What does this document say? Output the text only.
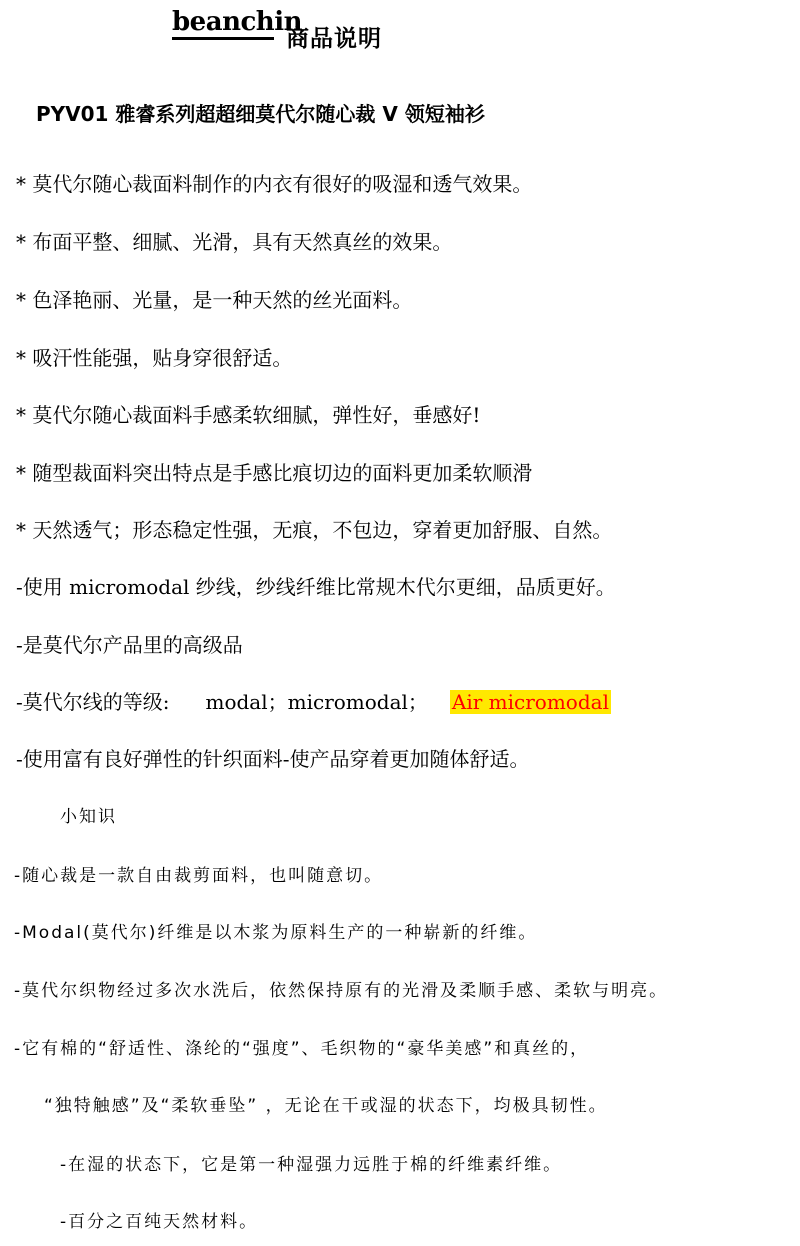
beanchin
商品说明
PYV01 雅睿系列超超细莫代尔随心裁 V 领短袖衫
* 莫代尔随心裁面料制作的内衣有很好的吸湿和透气效果。
* 布面平整、细腻、光滑，具有天然真丝的效果。
* 色泽艳丽、光量，是一种天然的丝光面料。
* 吸汗性能强，贴身穿很舒适。
* 莫代尔随心裁面料手感柔软细腻，弹性好，垂感好!
* 随型裁面料突出特点是手感比痕切边的面料更加柔软顺滑
* 天然透气；形态稳定性强，无痕，不包边，穿着更加舒服、自然。
-使用 micromodal 纱线，纱线纤维比常规木代尔更细，品质更好。
-是莫代尔产品里的高级品
-莫代尔线的等级: modal；micromodal； Air micromodal
-使用富有良好弹性的针织面料-使产品穿着更加随体舒适。
小知识
-随心裁是一款自由裁剪面料，也叫随意切。
-Modal(莫代尔)纤维是以木浆为原料生产的一种崭新的纤维。
-莫代尔织物经过多次水洗后，依然保持原有的光滑及柔顺手感、柔软与明亮。
-它有棉的“舒适性、涤纶的“强度”、毛织物的“豪华美感”和真丝的，
“独特触感”及“柔软垂坠” ，无论在干或湿的状态下，均极具韧性。
-在湿的状态下，它是第一种湿强力远胜于棉的纤维素纤维。
-百分之百纯天然材料。
